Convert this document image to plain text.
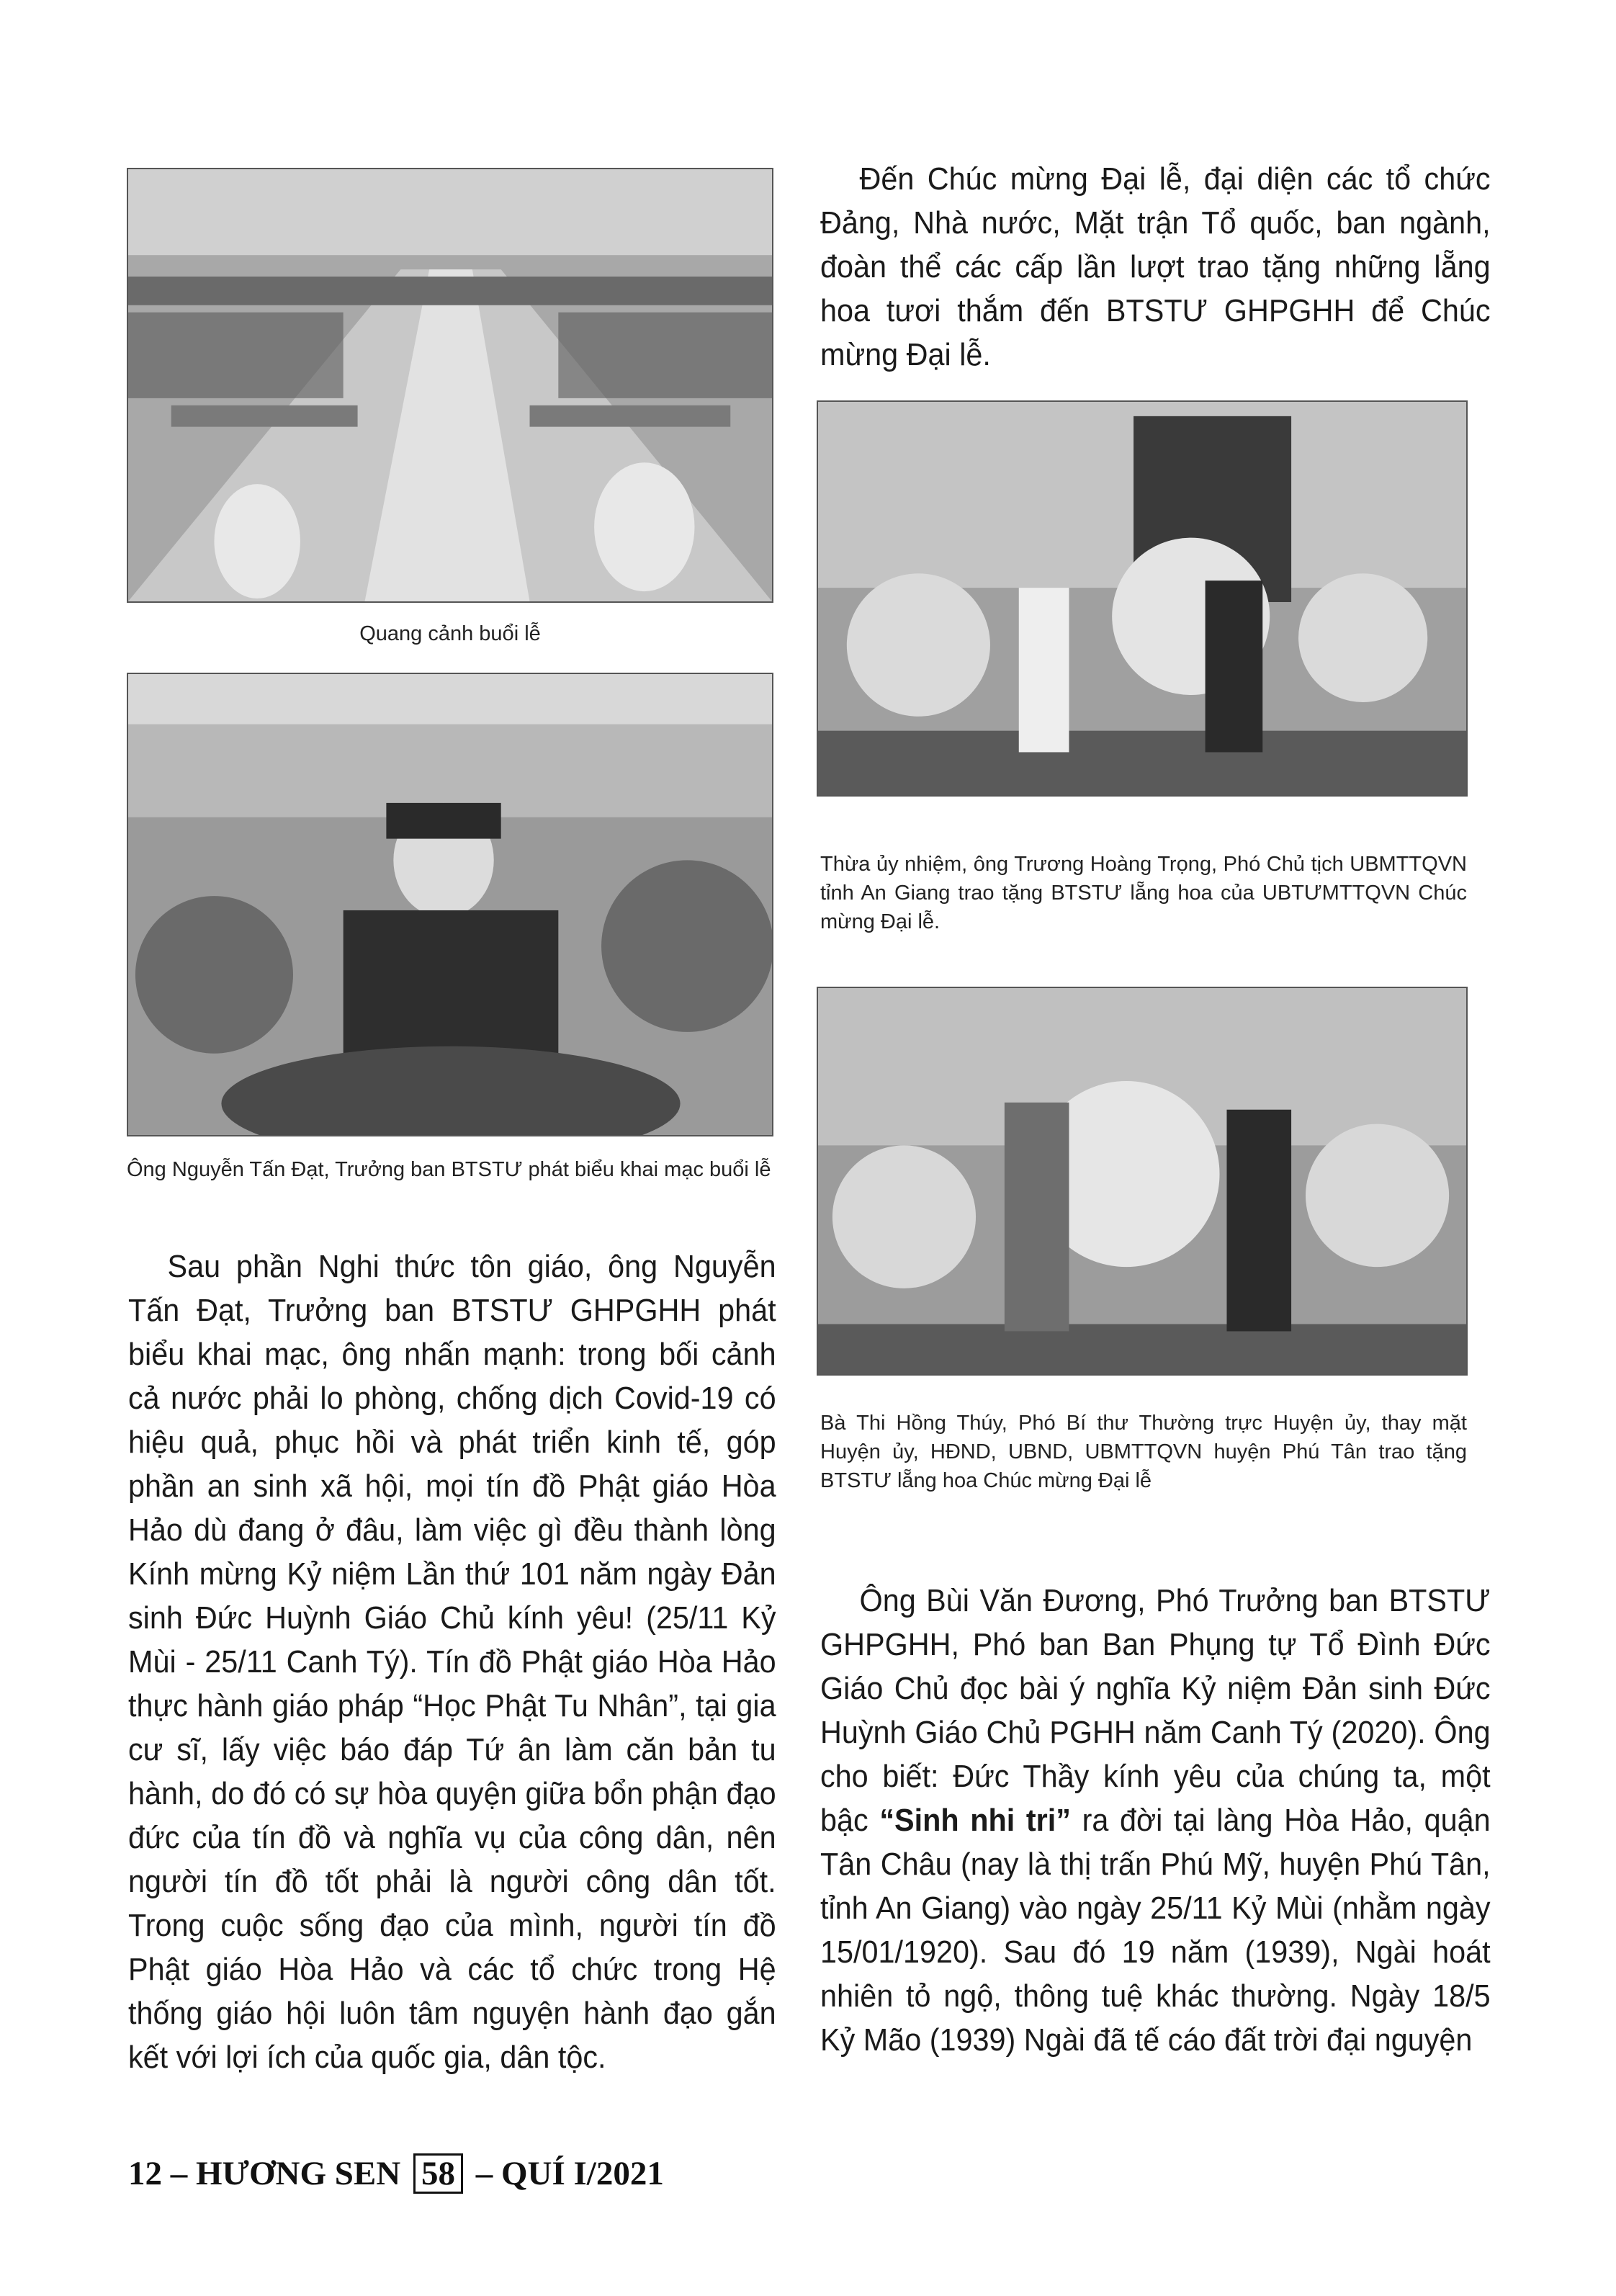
Quang cảnh buổi lễ
Ông Nguyễn Tấn Đạt, Trưởng ban BTSTƯ phát biểu khai mạc buổi lễ

Đến Chúc mừng Đại lễ, đại diện các tổ chức Đảng, Nhà nước, Mặt trận Tổ quốc, ban ngành, đoàn thể các cấp lần lượt trao tặng những lẵng hoa tươi thắm đến BTSTƯ GHPGHH để Chúc mừng Đại lễ.

Thừa ủy nhiệm, ông Trương Hoàng Trọng, Phó Chủ tịch UBMTTQVN tỉnh An Giang trao tặng BTSTƯ lẵng hoa của UBTƯMTTQVN Chúc mừng Đại lễ.
Bà Thi Hồng Thúy, Phó Bí thư Thường trực Huyện ủy, thay mặt Huyện ủy, HĐND, UBND, UBMTTQVN huyện Phú Tân trao tặng BTSTƯ lẵng hoa Chúc mừng Đại lễ

Sau phần Nghi thức tôn giáo, ông Nguyễn Tấn Đạt, Trưởng ban BTSTƯ GHPGHH phát biểu khai mạc, ông nhấn mạnh: trong bối cảnh cả nước phải lo phòng, chống dịch Covid-19 có hiệu quả, phục hồi và phát triển kinh tế, góp phần an sinh xã hội, mọi tín đồ Phật giáo Hòa Hảo dù đang ở đâu, làm việc gì đều thành lòng Kính mừng Kỷ niệm Lần thứ 101 năm ngày Đản sinh Đức Huỳnh Giáo Chủ kính yêu! (25/11 Kỷ Mùi - 25/11 Canh Tý). Tín đồ Phật giáo Hòa Hảo thực hành giáo pháp “Học Phật Tu Nhân”, tại gia cư sĩ, lấy việc báo đáp Tứ ân làm căn bản tu hành, do đó có sự hòa quyện giữa bổn phận đạo đức của tín đồ và nghĩa vụ của công dân, nên người tín đồ tốt phải là người công dân tốt. Trong cuộc sống đạo của mình, người tín đồ Phật giáo Hòa Hảo và các tổ chức trong Hệ thống giáo hội luôn tâm nguyện hành đạo gắn kết với lợi ích của quốc gia, dân tộc.

Ông Bùi Văn Đương, Phó Trưởng ban BTSTƯ GHPGHH, Phó ban Ban Phụng tự Tổ Đình Đức Giáo Chủ đọc bài ý nghĩa Kỷ niệm Đản sinh Đức Huỳnh Giáo Chủ PGHH năm Canh Tý (2020). Ông cho biết: Đức Thầy kính yêu của chúng ta, một bậc “Sinh nhi tri” ra đời tại làng Hòa Hảo, quận Tân Châu (nay là thị trấn Phú Mỹ, huyện Phú Tân, tỉnh An Giang) vào ngày 25/11 Kỷ Mùi (nhằm ngày 15/01/1920). Sau đó 19 năm (1939), Ngài hoát nhiên tỏ ngộ, thông tuệ khác thường. Ngày 18/5 Kỷ Mão (1939) Ngài đã tế cáo đất trời đại nguyện

12 – HƯƠNG SEN 58 – QUÍ I/2021
